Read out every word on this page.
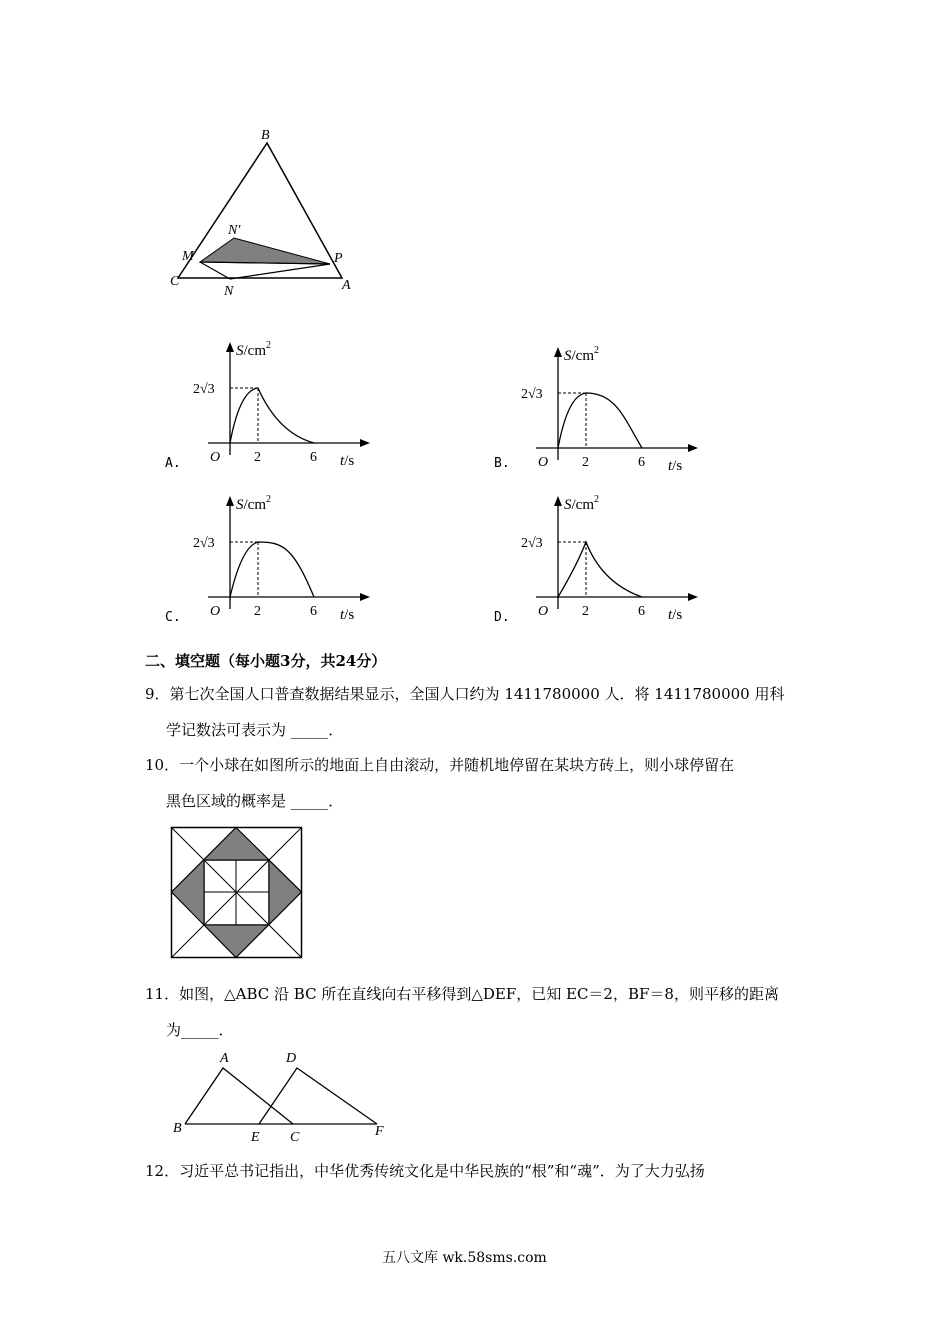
B
N'
M	P
C
N	A
$S/cm^2$
t/s
O 2	6
2√3
A.
$S/cm^2$
t/s
O 2	6
2√3
B.
$S/cm^2$
t/s
O 2	6
2√3
C.
$S/cm^2$
t/s
O 2	6
2√3
D.
二、填空题（每小题3分，共24分）
9．第七次全国人口普查数据结果显示，全国人口约为 1411780000 人．将 1411780000 用科
学记数法可表示为 _____．
10．一个小球在如图所示的地面上自由滚动，并随机地停留在某块方砖上，则小球停留在
黑色区域的概率是 _____．
11．如图，△ABC 沿 BC 所在直线向右平移得到△DEF，已知 EC＝2，BF＝8，则平移的距离
为_____．
A	D
B
E C	F
12．习近平总书记指出，中华优秀传统文化是中华民族的“根”和“魂”．为了大力弘扬
五八文库 wk.58sms.com
